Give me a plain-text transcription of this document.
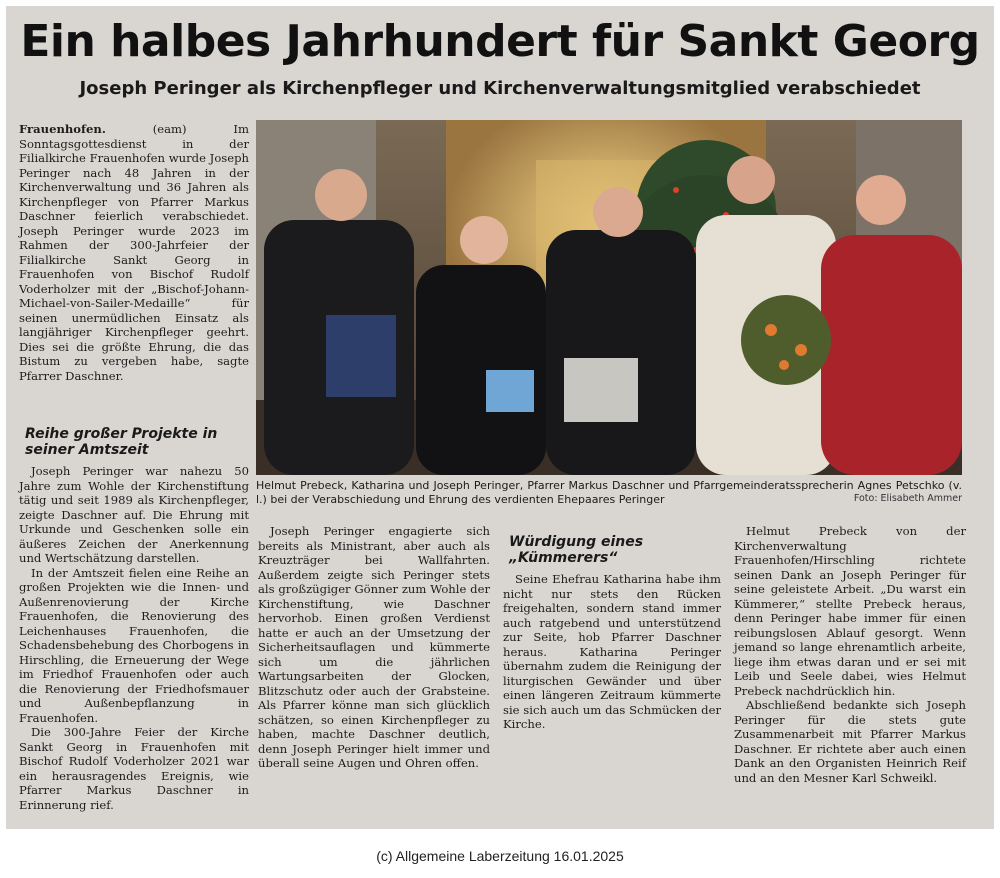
Ein halbes Jahrhundert für Sankt Georg
Joseph Peringer als Kirchenpfleger und Kirchenverwaltungsmitglied verabschiedet

Frauenhofen.	(eam) Im Sonntagsgottesdienst in der Filialkirche Frauenhofen wurde Joseph Peringer nach 48 Jahren in der Kirchenverwaltung und 36 Jahren als Kirchenpfleger von Pfarrer Markus Daschner feierlich verabschiedet. Joseph Peringer wurde 2023 im Rahmen der 300-Jahrfeier der Filialkirche Sankt Georg in Frauenhofen von Bischof Rudolf Voderholzer mit der „Bischof-Johann-Michael-von-Sailer-Medaille“ für seinen unermüdlichen Einsatz als langjähriger Kirchenpfleger geehrt. Dies sei die größte Ehrung, die das Bistum zu vergeben habe, sagte Pfarrer Daschner.

Reihe großer Projekte in seiner Amtszeit

Joseph Peringer war nahezu 50 Jahre zum Wohle der Kirchenstiftung tätig und seit 1989 als Kirchenpfleger, zeigte Daschner auf. Die Ehrung mit Urkunde und Geschenken solle ein äußeres Zeichen der Anerkennung und Wertschätzung darstellen.

In der Amtszeit fielen eine Reihe an großen Projekten wie die Innen- und Außenrenovierung der Kirche Frauenhofen, die Renovierung des Leichenhauses Frauenhofen, die Schadensbehebung des Chorbogens in Hirschling, die Erneuerung der Wege im Friedhof Frauenhofen oder auch die Renovierung der Friedhofsmauer und Außenbepflanzung in Frauenhofen.

Die 300-Jahre Feier der Kirche Sankt Georg in Frauenhofen mit Bischof Rudolf Voderholzer 2021 war ein herausragendes Ereignis, wie Pfarrer Markus Daschner in Erinnerung rief.

Helmut Prebeck, Katharina und Joseph Peringer, Pfarrer Markus Daschner und Pfarrgemeinderatssprecherin Agnes Petschko (v. l.) bei der Verabschiedung und Ehrung des verdienten Ehepaares Peringer	Foto: Elisabeth Ammer

Joseph Peringer engagierte sich bereits als Ministrant, aber auch als Kreuzträger bei Wallfahrten. Außerdem zeigte sich Peringer stets als großzügiger Gönner zum Wohle der Kirchenstiftung, wie Daschner hervorhob. Einen großen Verdienst hatte er auch an der Umsetzung der Sicherheitsauflagen und kümmerte sich um die jährlichen Wartungsarbeiten der Glocken, Blitzschutz oder auch der Grabsteine. Als Pfarrer könne man sich glücklich schätzen, so einen Kirchenpfleger zu haben, machte Daschner deutlich, denn Joseph Peringer hielt immer und überall seine Augen und Ohren offen.

Würdigung eines „Kümmerers“

Seine Ehefrau Katharina habe ihm nicht nur stets den Rücken freigehalten, sondern stand immer auch ratgebend und unterstützend zur Seite, hob Pfarrer Daschner heraus. Katharina Peringer übernahm zudem die Reinigung der liturgischen Gewänder und über einen längeren Zeitraum kümmerte sie sich auch um das Schmücken der Kirche.

Helmut Prebeck von der Kirchenverwaltung Frauenhofen/Hirschling richtete seinen Dank an Joseph Peringer für seine geleistete Arbeit. „Du warst ein Kümmerer,“ stellte Prebeck heraus, denn Peringer habe immer für einen reibungslosen Ablauf gesorgt. Wenn jemand so lange ehrenamtlich arbeite, liege ihm etwas daran und er sei mit Leib und Seele dabei, wies Helmut Prebeck nachdrücklich hin.

Abschließend bedankte sich Joseph Peringer für die stets gute Zusammenarbeit mit Pfarrer Markus Daschner. Er richtete aber auch einen Dank an den Organisten Heinrich Reif und an den Mesner Karl Schweikl.

(c) Allgemeine Laberzeitung 16.01.2025
